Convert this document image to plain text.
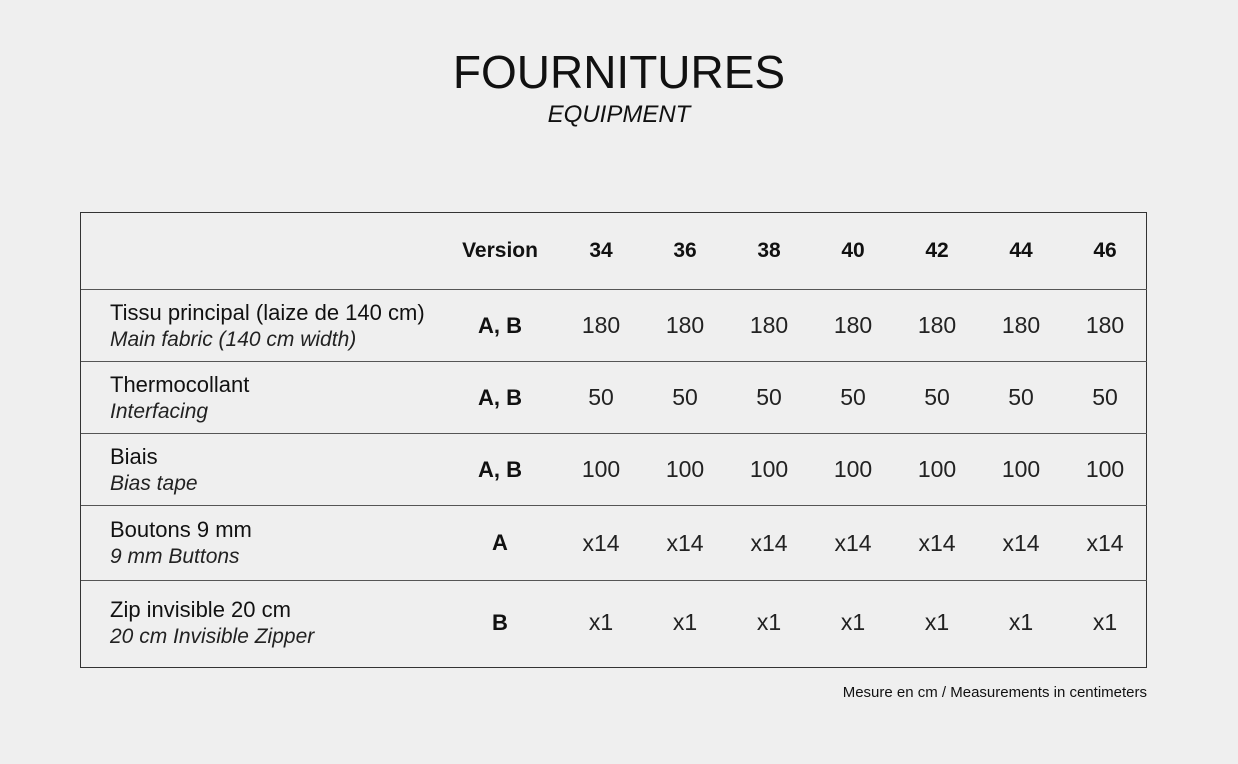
FOURNITURES
EQUIPMENT
	Version	34	36	38	40	42	44	46

Tissu principal (laize de 140 cm)
Main fabric (140 cm width)	A, B	180	180	180	180	180	180	180

Thermocollant
Interfacing	A, B	50	50	50	50	50	50	50

Biais
Bias tape	A, B	100	100	100	100	100	100	100

Boutons 9 mm
9 mm Buttons	A	x14	x14	x14	x14	x14	x14	x14

Zip invisible 20 cm
20 cm Invisible Zipper	B	x1	x1	x1	x1	x1	x1	x1
Mesure en cm / Measurements in centimeters
